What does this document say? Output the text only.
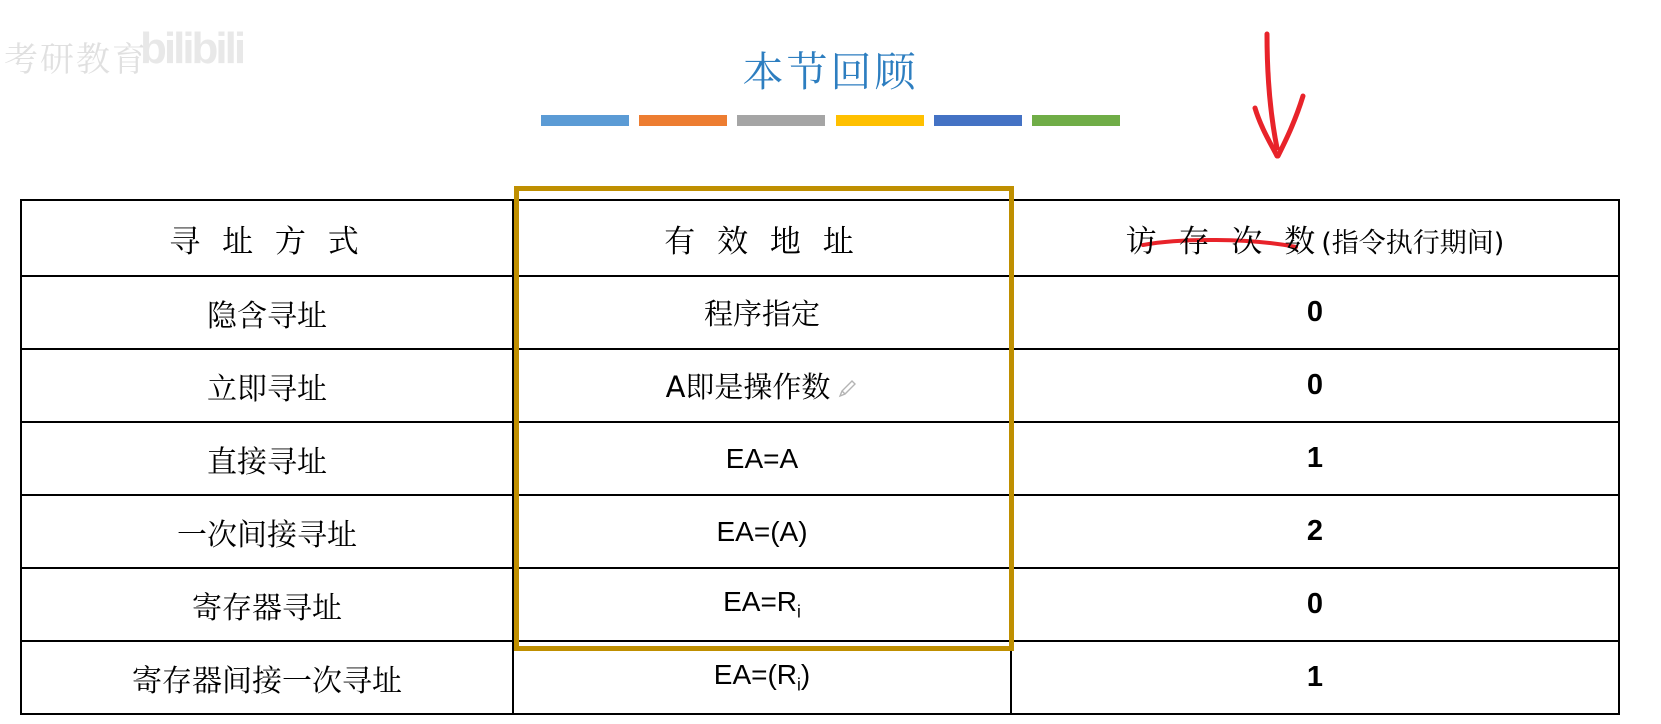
考研教育
bilibili	本节回顾
寻 址 方 式	有 效 地 址	访 存 次 数(指令执行期间)
隐含寻址	程序指定	0
立即寻址	A即是操作数	0
直接寻址	EA=A	1
一次间接寻址	EA=(A)	2
寄存器寻址	$EA=R_i$	0
寄存器间接一次寻址	$EA=(R_i)$	1
